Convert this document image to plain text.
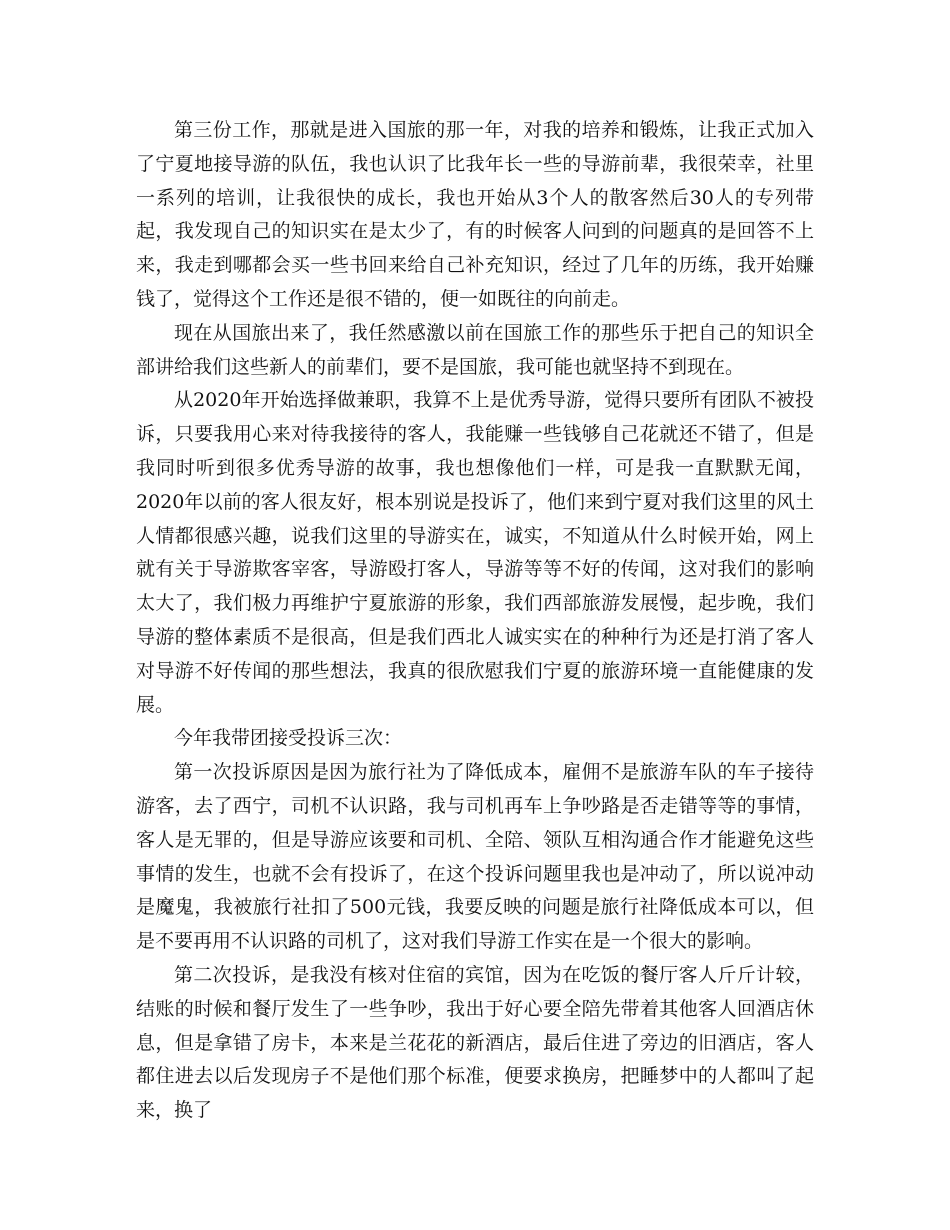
第三份工作，那就是进入国旅的那一年，对我的培养和锻炼，让我正式加入了宁夏地接导游的队伍，我也认识了比我年长一些的导游前辈，我很荣幸，社里一系列的培训，让我很快的成长，我也开始从3个人的散客然后30人的专列带起，我发现自己的知识实在是太少了，有的时候客人问到的问题真的是回答不上来，我走到哪都会买一些书回来给自己补充知识，经过了几年的历练，我开始赚钱了，觉得这个工作还是很不错的，便一如既往的向前走。

现在从国旅出来了，我任然感激以前在国旅工作的那些乐于把自己的知识全部讲给我们这些新人的前辈们，要不是国旅，我可能也就坚持不到现在。

从2020年开始选择做兼职，我算不上是优秀导游，觉得只要所有团队不被投诉，只要我用心来对待我接待的客人，我能赚一些钱够自己花就还不错了，但是我同时听到很多优秀导游的故事，我也想像他们一样，可是我一直默默无闻，2020年以前的客人很友好，根本别说是投诉了，他们来到宁夏对我们这里的风土人情都很感兴趣，说我们这里的导游实在，诚实，不知道从什么时候开始，网上就有关于导游欺客宰客，导游殴打客人，导游等等不好的传闻，这对我们的影响太大了，我们极力再维护宁夏旅游的形象，我们西部旅游发展慢，起步晚，我们导游的整体素质不是很高，但是我们西北人诚实实在的种种行为还是打消了客人对导游不好传闻的那些想法，我真的很欣慰我们宁夏的旅游环境一直能健康的发展。

今年我带团接受投诉三次：

第一次投诉原因是因为旅行社为了降低成本，雇佣不是旅游车队的车子接待游客，去了西宁，司机不认识路，我与司机再车上争吵路是否走错等等的事情，客人是无罪的，但是导游应该要和司机、全陪、领队互相沟通合作才能避免这些事情的发生，也就不会有投诉了，在这个投诉问题里我也是冲动了，所以说冲动是魔鬼，我被旅行社扣了500元钱，我要反映的问题是旅行社降低成本可以，但是不要再用不认识路的司机了，这对我们导游工作实在是一个很大的影响。

第二次投诉，是我没有核对住宿的宾馆，因为在吃饭的餐厅客人斤斤计较，结账的时候和餐厅发生了一些争吵，我出于好心要全陪先带着其他客人回酒店休息，但是拿错了房卡，本来是兰花花的新酒店，最后住进了旁边的旧酒店，客人都住进去以后发现房子不是他们那个标准，便要求换房，把睡梦中的人都叫了起来，换了
